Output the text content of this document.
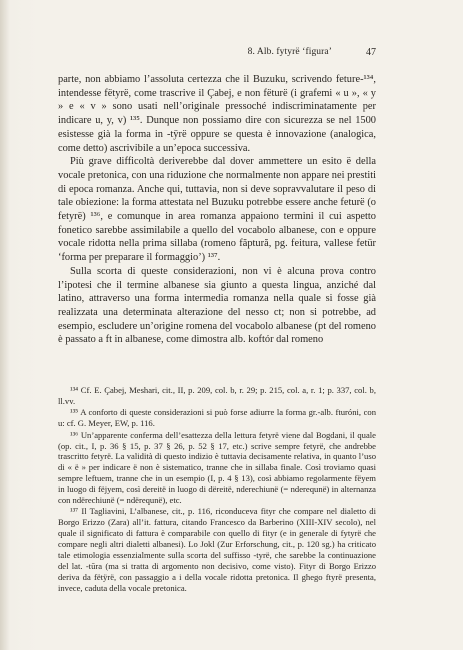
8. Alb. fytyrë ‘figura’	47

parte, non abbiamo l’assoluta certezza che il Buzuku, scrivendo feture-¹³⁴, intendesse fëtyrë, come trascrive il Çabej, e non fëturë (i grafemi « u », « y » e « v » sono usati nell’originale pressoché indiscriminatamente per indicare u, y, v) ¹³⁵. Dunque non possiamo dire con sicurezza se nel 1500 esistesse già la forma in -tÿrë oppure se questa è innovazione (analogica, come detto) ascrivibile a un’epoca successiva.

Più grave difficoltà deriverebbe dal dover ammettere un esito ë della vocale pretonica, con una riduzione che normalmente non appare nei prestiti di epoca romanza. Anche qui, tuttavia, non si deve sopravvalutare il peso di tale obiezione: la forma attestata nel Buzuku potrebbe essere anche feturë (o fetyrë) ¹³⁶, e comunque in area romanza appaiono termini il cui aspetto fonetico sarebbe assimilabile a quello del vocabolo albanese, con e oppure vocale ridotta nella prima sillaba (romeno făptură, pg. feitura, vallese fetür ‘forma per preparare il formaggio’) ¹³⁷.

Sulla scorta di queste considerazioni, non vi è alcuna prova contro l’ipotesi che il termine albanese sia giunto a questa lingua, anziché dal latino, attraverso una forma intermedia romanza nella quale si fosse già realizzata una determinata alterazione del nesso ct; non si potrebbe, ad esempio, escludere un’origine romena del vocabolo albanese (pt del romeno è passato a ft in albanese, come dimostra alb. koftór dal romeno

¹³⁴ Cf. E. Çabej, Meshari, cit., II, p. 209, col. b, r. 29; p. 215, col. a, r. 1; p. 337, col. b, ll.vv.

¹³⁵ A conforto di queste considerazioni si può forse adiurre la forma gr.-alb. fturóni, con u: cf. G. Meyer, EW, p. 116.

¹³⁶ Un’apparente conferma dell’esattezza della lettura fetyrë viene dal Bogdani, il quale (op. cit., I, p. 36 § 15, p. 37 § 26, p. 52 § 17, etc.) scrive sempre fetyrë, che andrebbe trascritto fetyrë. La validità di questo indizio è tuttavia decisamente relativa, in quanto l’uso di « ë » per indicare ë non è sistematico, tranne che in sillaba finale. Così troviamo quasi sempre leftuem, tranne che in un esempio (I, p. 4 § 13), così abbiamo regolarmente fëyem in luogo di fëjyem, così dereitë in luogo di dëreitë, nderechiunë (= nderequnë) in alternanza con ndërechiunë (= ndërequnë), etc.

¹³⁷ Il Tagliavini, L’albanese, cit., p. 116, riconduceva fityr che compare nel dialetto di Borgo Erizzo (Zara) all’it. fattura, citando Francesco da Barberino (XIII-XIV secolo), nel quale il significato di fattura è comparabile con quello di fityr (e in generale di fytyrë che compare negli altri dialetti albanesi). Lo Jokl (Zur Erforschung, cit., p. 120 sg.) ha criticato tale etimologia essenzialmente sulla scorta del suffisso -tyrë, che sarebbe la continuazione del lat. -tūra (ma si tratta di argomento non decisivo, come visto). Fityr di Borgo Erizzo deriva da fëtÿrë, con passaggio a i della vocale ridotta pretonica. Il ghego ftyrë presenta, invece, caduta della vocale pretonica.
